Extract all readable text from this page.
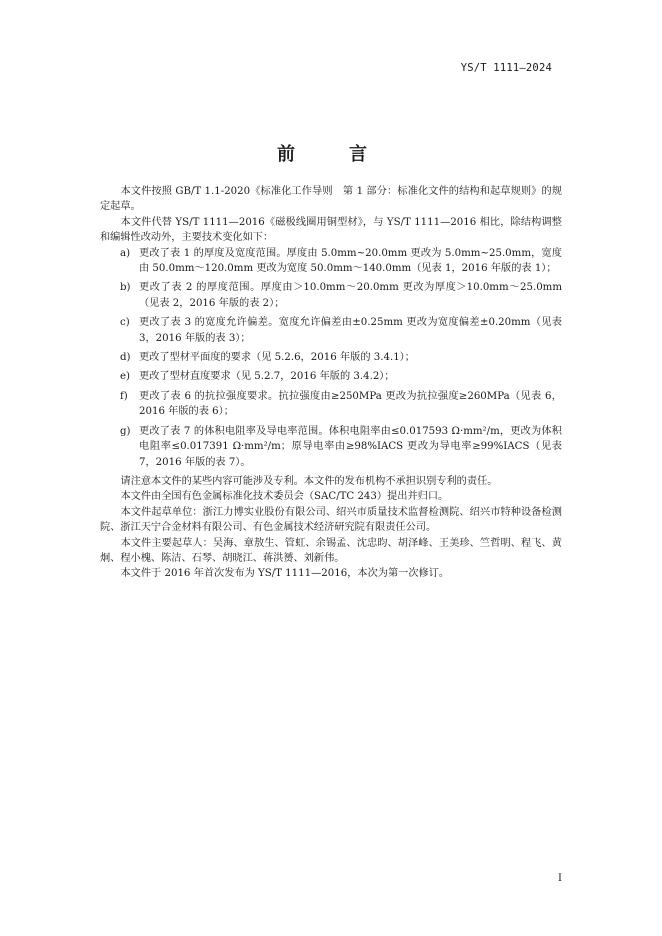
YS/T 1111—2024
前　言

本文件按照 GB/T 1.1-2020《标准化工作导则　第 1 部分：标准化文件的结构和起草规则》的规定起草。

本文件代替 YS/T 1111—2016《磁极线圈用铜型材》，与 YS/T 1111—2016 相比，除结构调整和编辑性改动外，主要技术变化如下：

a) 更改了表 1 的厚度及宽度范围。厚度由 5.0mm~20.0mm 更改为 5.0mm~25.0mm，宽度由 50.0mm～120.0mm 更改为宽度 50.0mm～140.0mm（见表 1，2016 年版的表 1）；
b) 更改了表 2 的厚度范围。厚度由＞10.0mm～20.0mm 更改为厚度＞10.0mm～25.0mm（见表 2，2016 年版的表 2）；
c) 更改了表 3 的宽度允许偏差。宽度允许偏差由±0.25mm 更改为宽度偏差±0.20mm（见表 3，2016 年版的表 3）；
d) 更改了型材平面度的要求（见 5.2.6，2016 年版的 3.4.1）；
e) 更改了型材直度要求（见 5.2.7，2016 年版的 3.4.2）；
f)	更改了表 6 的抗拉强度要求。抗拉强度由≥250MPa 更改为抗拉强度≥260MPa（见表 6，2016 年版的表 6）；
g) 更改了表 7 的体积电阻率及导电率范围。体积电阻率由≤0.017593 Ω·mm²/m，更改为体积电阻率≤0.017391 Ω·mm²/m；原导电率由≥98%IACS 更改为导电率≥99%IACS（见表 7，2016 年版的表 7）。

请注意本文件的某些内容可能涉及专利。本文件的发布机构不承担识别专利的责任。

本文件由全国有色金属标准化技术委员会（SAC/TC 243）提出并归口。

本文件起草单位：浙江力博实业股份有限公司、绍兴市质量技术监督检测院、绍兴市特种设备检测院、浙江天宁合金材料有限公司、有色金属技术经济研究院有限责任公司。

本文件主要起草人：吴海、章敖生、管虹、余锡孟、沈忠昀、胡泽峰、王美珍、竺哲明、程飞、黄炯、程小槐、陈洁、石琴、胡晓江、蒋洪赟、刘新伟。

本文件于 2016 年首次发布为 YS/T 1111—2016，本次为第一次修订。

I
